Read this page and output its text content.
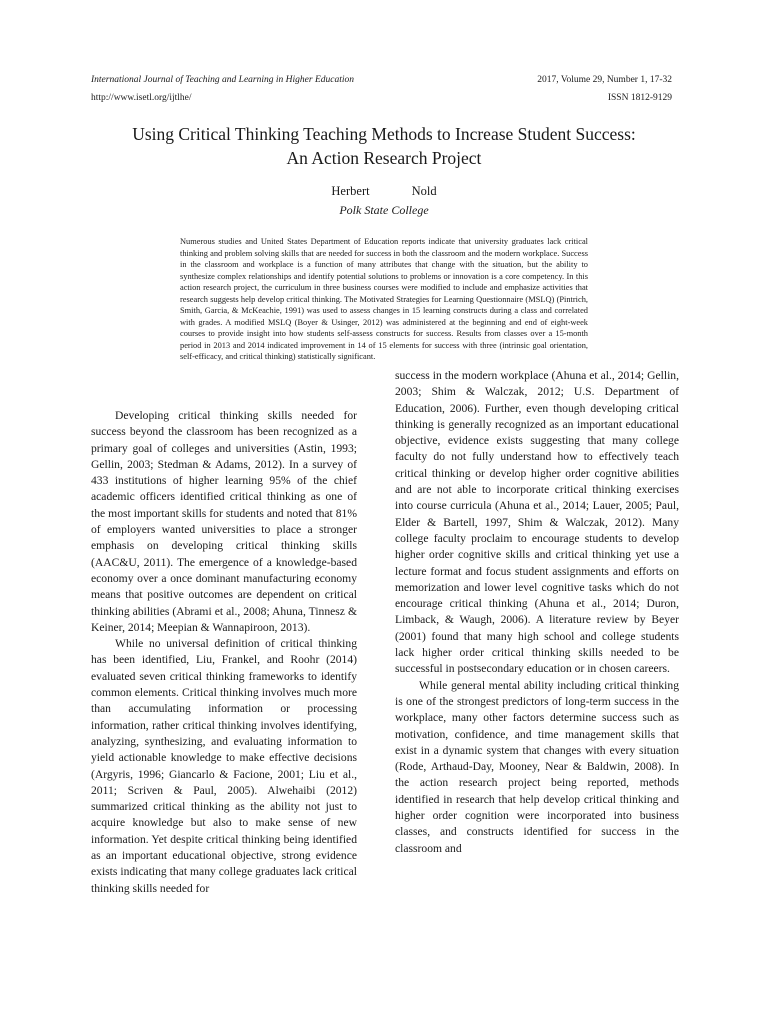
International Journal of Teaching and Learning in Higher Education
http://www.isetl.org/ijtlhe/
2017, Volume 29, Number 1, 17-32
ISSN 1812-9129
Using Critical Thinking Teaching Methods to Increase Student Success:
An Action Research Project
Herbert	Nold
Polk State College

Numerous studies and United States Department of Education reports indicate that university graduates lack critical thinking and problem solving skills that are needed for success in both the classroom and the modern workplace. Success in the classroom and workplace is a function of many attributes that change with the situation, but the ability to synthesize complex relationships and identify potential solutions to problems or innovation is a core competency. In this action research project, the curriculum in three business courses were modified to include and emphasize activities that research suggests help develop critical thinking. The Motivated Strategies for Learning Questionnaire (MSLQ) (Pintrich, Smith, Garcia, & McKeachie, 1991) was used to assess changes in 15 learning constructs during a class and correlated with grades. A modified MSLQ (Boyer & Usinger, 2012) was administered at the beginning and end of eight-week courses to provide insight into how students self-assess constructs for success. Results from classes over a 15-month period in 2013 and 2014 indicated improvement in 14 of 15 elements for success with three (intrinsic goal orientation, self-efficacy, and critical thinking) statistically significant.

Developing critical thinking skills needed for success beyond the classroom has been recognized as a primary goal of colleges and universities (Astin, 1993; Gellin, 2003; Stedman & Adams, 2012). In a survey of 433 institutions of higher learning 95% of the chief academic officers identified critical thinking as one of the most important skills for students and noted that 81% of employers wanted universities to place a stronger emphasis on developing critical thinking skills (AAC&U, 2011). The emergence of a knowledge-based economy over a once dominant manufacturing economy means that positive outcomes are dependent on critical thinking abilities (Abrami et al., 2008; Ahuna, Tinnesz & Keiner, 2014; Meepian & Wannapiroon, 2013).

While no universal definition of critical thinking has been identified, Liu, Frankel, and Roohr (2014) evaluated seven critical thinking frameworks to identify common elements. Critical thinking involves much more than accumulating information or processing information, rather critical thinking involves identifying, analyzing, synthesizing, and evaluating information to yield actionable knowledge to make effective decisions (Argyris, 1996; Giancarlo & Facione, 2001; Liu et al., 2011; Scriven & Paul, 2005). Alwehaibi (2012) summarized critical thinking as the ability not just to acquire knowledge but also to make sense of new information. Yet despite critical thinking being identified as an important educational objective, strong evidence exists indicating that many college graduates lack critical thinking skills needed for

success in the modern workplace (Ahuna et al., 2014; Gellin, 2003; Shim & Walczak, 2012; U.S. Department of Education, 2006). Further, even though developing critical thinking is generally recognized as an important educational objective, evidence exists suggesting that many college faculty do not fully understand how to effectively teach critical thinking or develop higher order cognitive abilities and are not able to incorporate critical thinking exercises into course curricula (Ahuna et al., 2014; Lauer, 2005; Paul, Elder & Bartell, 1997, Shim & Walczak, 2012). Many college faculty proclaim to encourage students to develop higher order cognitive skills and critical thinking yet use a lecture format and focus student assignments and efforts on memorization and lower level cognitive tasks which do not encourage critical thinking (Ahuna et al., 2014; Duron, Limback, & Waugh, 2006). A literature review by Beyer (2001) found that many high school and college students lack higher order critical thinking skills needed to be successful in postsecondary education or in chosen careers.

While general mental ability including critical thinking is one of the strongest predictors of long-term success in the workplace, many other factors determine success such as motivation, confidence, and time management skills that exist in a dynamic system that changes with every situation (Rode, Arthaud-Day, Mooney, Near & Baldwin, 2008). In the action research project being reported, methods identified in research that help develop critical thinking and higher order cognition were incorporated into business classes, and constructs identified for success in the classroom and
